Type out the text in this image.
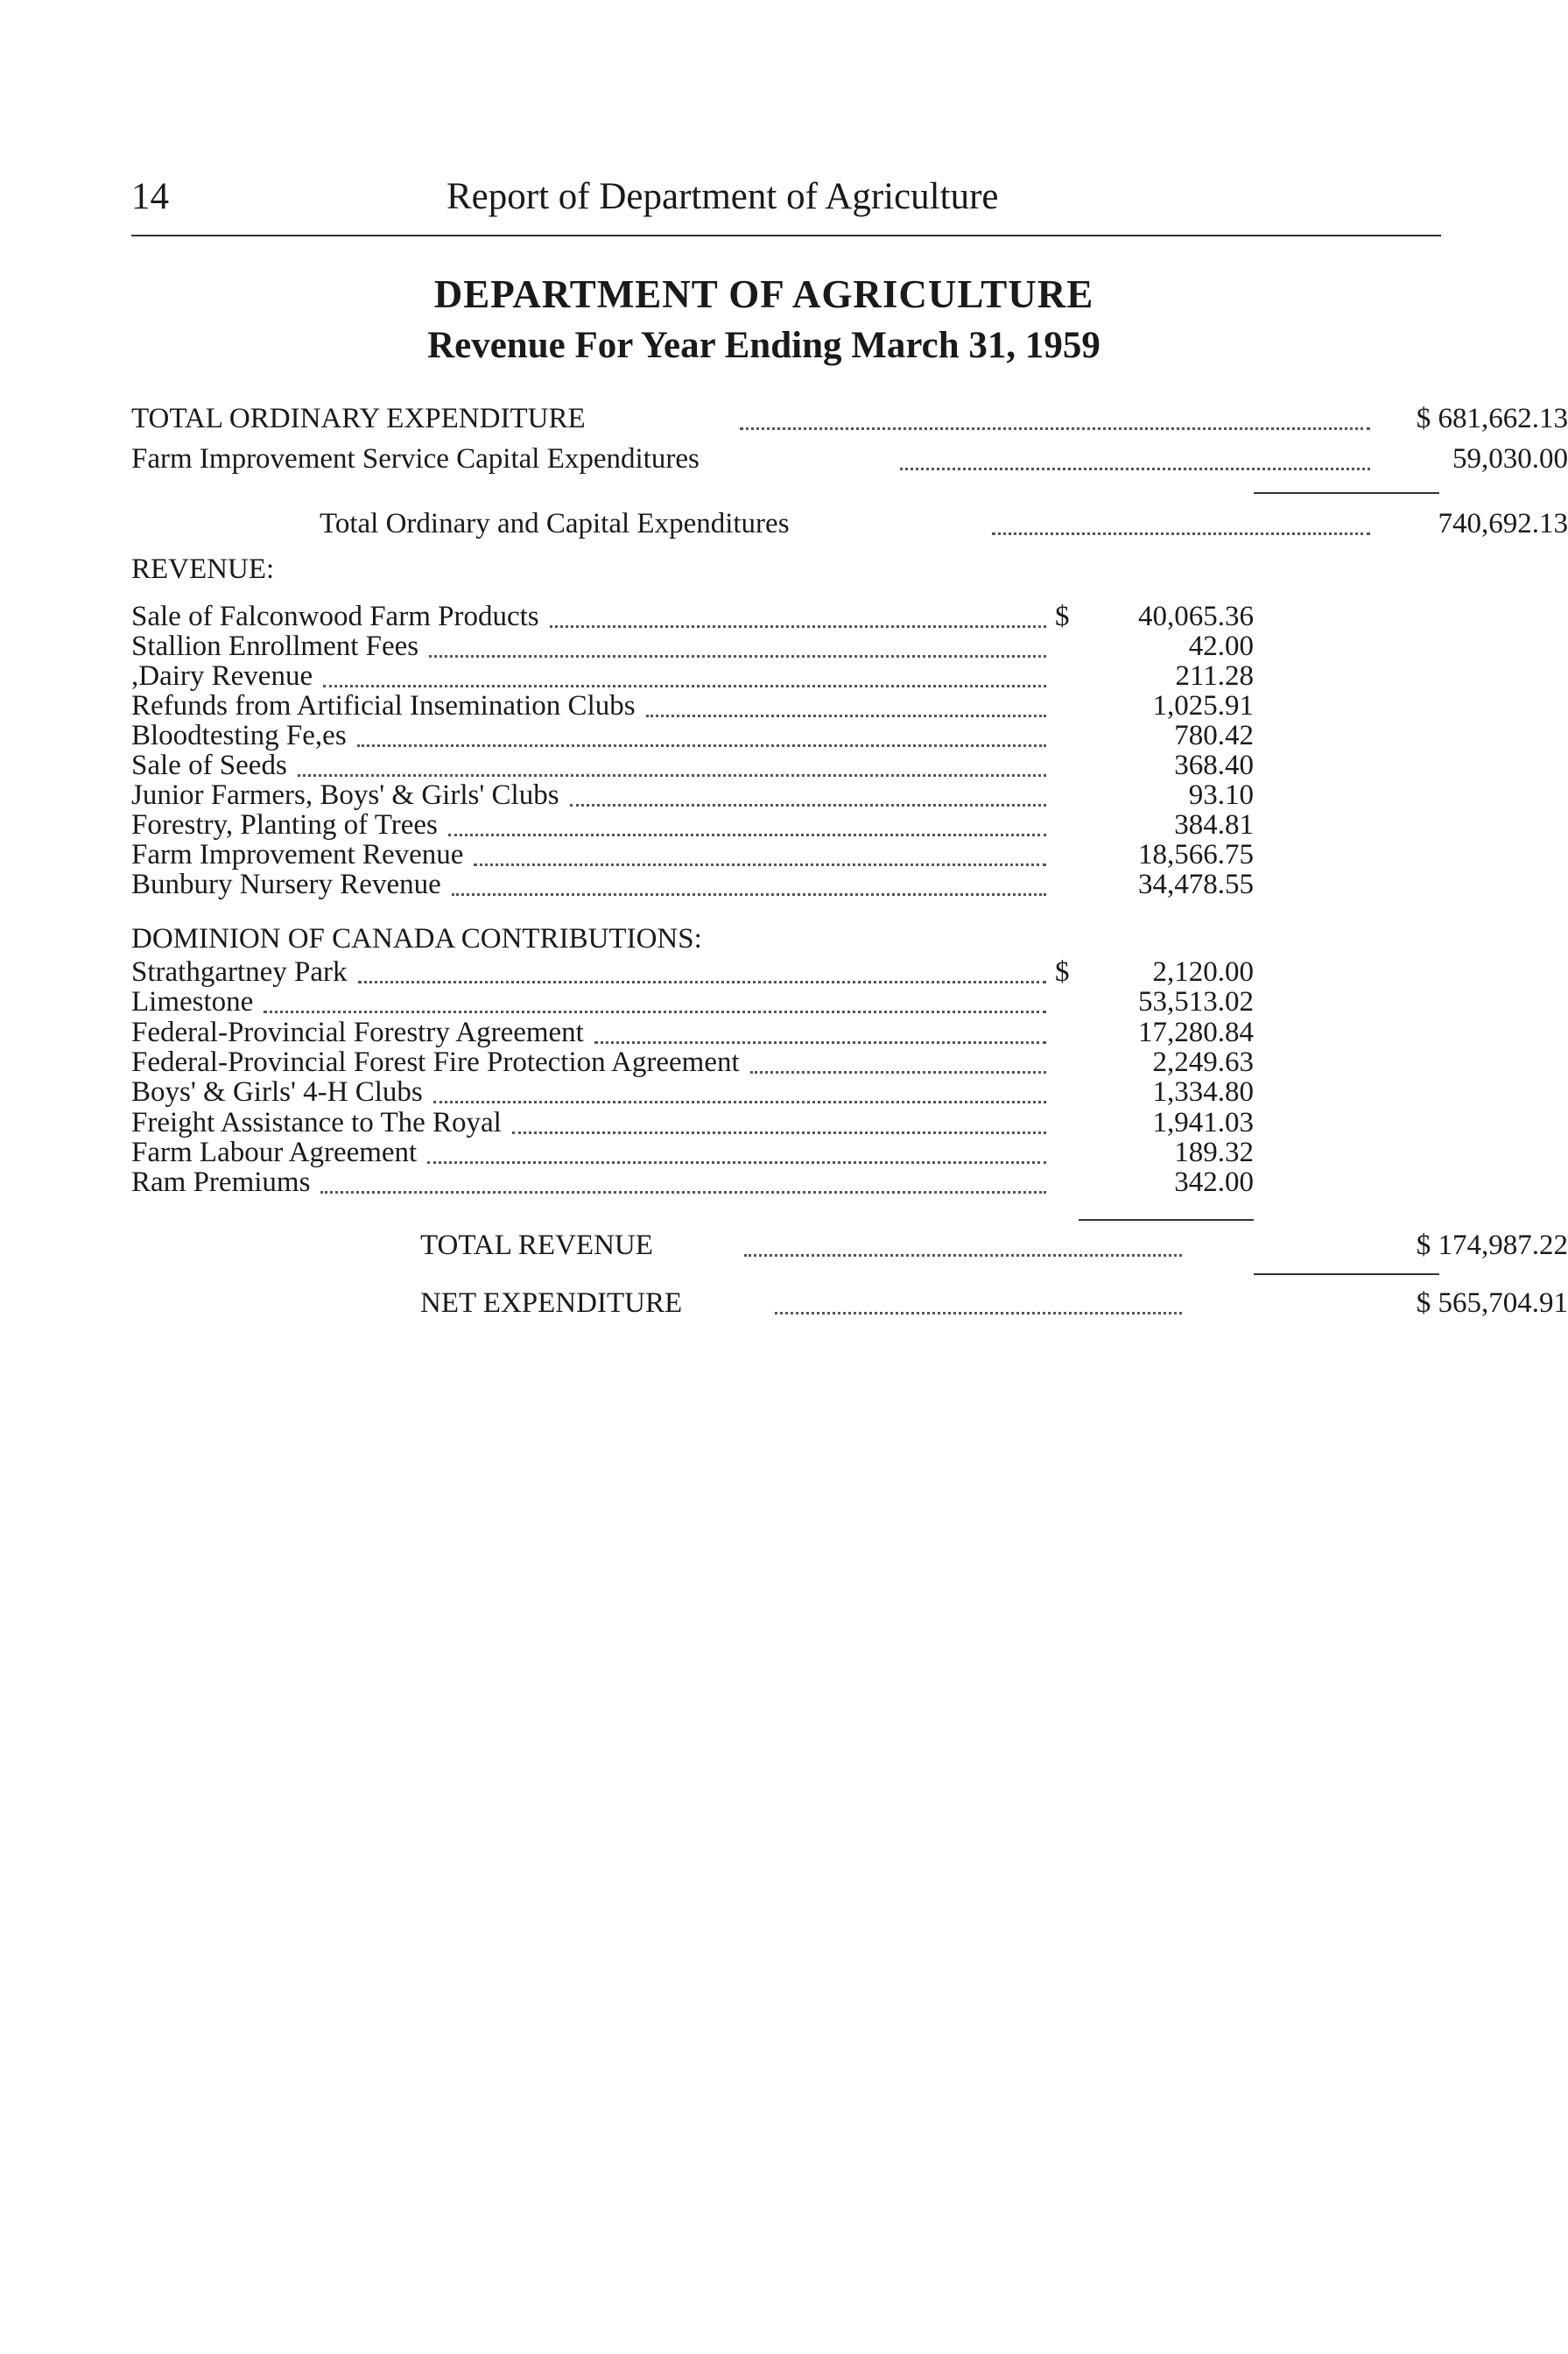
14	Report of Department of Agriculture
DEPARTMENT OF AGRICULTURE
Revenue For Year Ending March 31, 1959
TOTAL ORDINARY EXPENDITURE	$ 681,662.13
Farm Improvement Service Capital Expenditures	59,030.00
Total Ordinary and Capital Expenditures	740,692.13
REVENUE:
Sale of Falconwood Farm Products	$	40,065.36
Stallion Enrollment Fees	42.00
,Dairy Revenue	211.28
Refunds from Artificial Insemination Clubs	1,025.91
Bloodtesting Fe,es	780.42
Sale of Seeds	368.40
Junior Farmers, Boys' & Girls' Clubs	93.10
Forestry, Planting of Trees	384.81
Farm Improvement Revenue	18,566.75
Bunbury Nursery Revenue	34,478.55
DOMINION OF CANADA CONTRIBUTIONS:
Strathgartney Park	$	2,120.00
Limestone	53,513.02
Federal-Provincial Forestry Agreement	17,280.84
Federal-Provincial Forest Fire Protection Agreement	2,249.63
Boys' & Girls' 4-H Clubs	1,334.80
Freight Assistance to The Royal	1,941.03
Farm Labour Agreement	189.32
Ram Premiums	342.00
TOTAL REVENUE	$ 174,987.22
NET EXPENDITURE	$ 565,704.91
